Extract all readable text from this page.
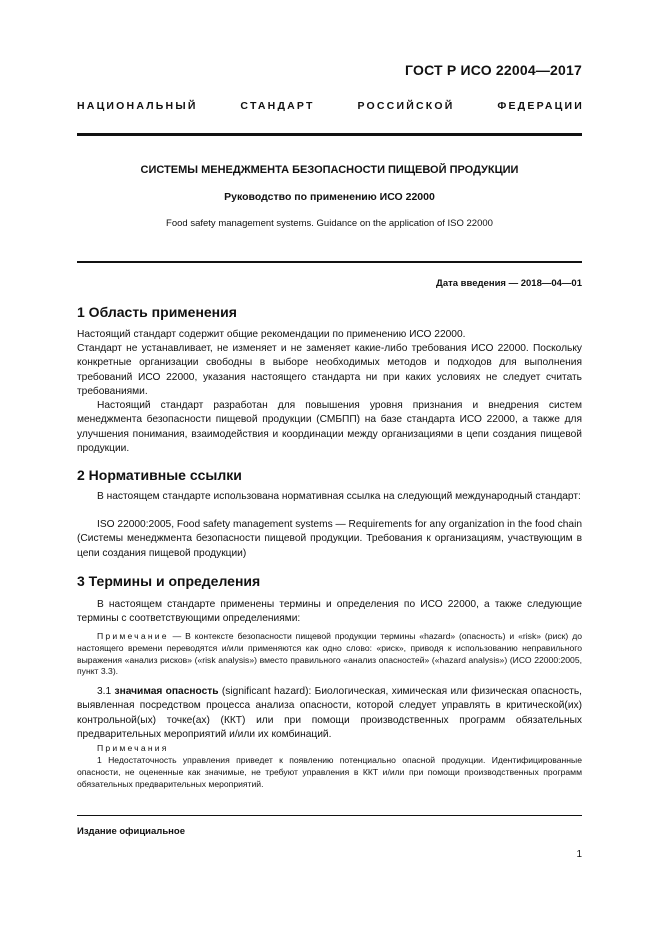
ГОСТ Р ИСО 22004—2017
НАЦИОНАЛЬНЫЙ СТАНДАРТ РОССИЙСКОЙ ФЕДЕРАЦИИ
СИСТЕМЫ МЕНЕДЖМЕНТА БЕЗОПАСНОСТИ ПИЩЕВОЙ ПРОДУКЦИИ
Руководство по применению ИСО 22000
Food safety management systems. Guidance on the application of ISO 22000
Дата введения — 2018—04—01
1 Область применения

Настоящий стандарт содержит общие рекомендации по применению ИСО 22000.

Стандарт не устанавливает, не изменяет и не заменяет какие-либо требования ИСО 22000. Поскольку конкретные организации свободны в выборе необходимых методов и подходов для выполнения требований ИСО 22000, указания настоящего стандарта ни при каких условиях не следует считать требованиями.

Настоящий стандарт разработан для повышения уровня признания и внедрения систем менеджмента безопасности пищевой продукции (СМБПП) на базе стандарта ИСО 22000, а также для улучшения понимания, взаимодействия и координации между организациями в цепи создания пищевой продукции.

2 Нормативные ссылки

В настоящем стандарте использована нормативная ссылка на следующий международный стандарт:

ISO 22000:2005, Food safety management systems — Requirements for any organization in the food chain (Системы менеджмента безопасности пищевой продукции. Требования к организациям, участвующим в цепи создания пищевой продукции)

3 Термины и определения

В настоящем стандарте применены термины и определения по ИСО 22000, а также следующие термины с соответствующими определениями:

Примечание — В контексте безопасности пищевой продукции термины «hazard» (опасность) и «risk» (риск) до настоящего времени переводятся и/или применяются как одно слово: «риск», приводя к использованию неправильного выражения «анализ рисков» («risk analysis») вместо правильного «анализ опасностей» («hazard analysis») (ИСО 22000:2005, пункт 3.3).

3.1 значимая опасность (significant hazard): Биологическая, химическая или физическая опасность, выявленная посредством процесса анализа опасности, которой следует управлять в критической(их) контрольной(ых) точке(ах) (ККТ) или при помощи производственных программ обязательных предварительных мероприятий и/или их комбинаций.

Примечания

1 Недостаточность управления приведет к появлению потенциально опасной продукции. Идентифицированные опасности, не оцененные как значимые, не требуют управления в ККТ и/или при помощи производственных программ обязательных предварительных мероприятий.

Издание официальное
1
